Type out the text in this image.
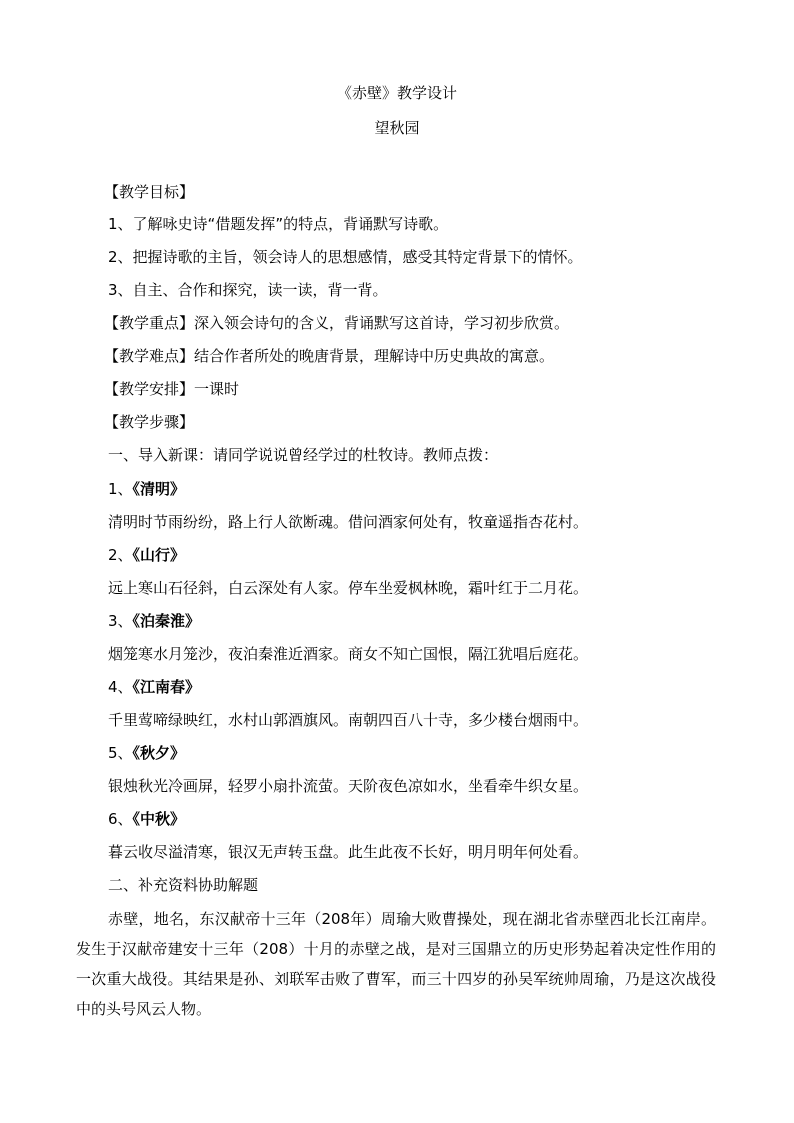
《赤壁》教学设计
望秋园
【教学目标】
1、了解咏史诗“借题发挥”的特点，背诵默写诗歌。
2、把握诗歌的主旨，领会诗人的思想感情，感受其特定背景下的情怀。
3、自主、合作和探究，读一读，背一背。
【教学重点】深入领会诗句的含义，背诵默写这首诗，学习初步欣赏。
【教学难点】结合作者所处的晚唐背景，理解诗中历史典故的寓意。
【教学安排】一课时
【教学步骤】
一、导入新课：请同学说说曾经学过的杜牧诗。教师点拨：
1、《清明》
清明时节雨纷纷，路上行人欲断魂。借问酒家何处有，牧童遥指杏花村。
2、《山行》
远上寒山石径斜，白云深处有人家。停车坐爱枫林晚，霜叶红于二月花。
3、《泊秦淮》
烟笼寒水月笼沙，夜泊秦淮近酒家。商女不知亡国恨，隔江犹唱后庭花。
4、《江南春》
千里莺啼绿映红，水村山郭酒旗风。南朝四百八十寺，多少楼台烟雨中。
5、《秋夕》
银烛秋光冷画屏，轻罗小扇扑流萤。天阶夜色凉如水，坐看牵牛织女星。
6、《中秋》
暮云收尽溢清寒，银汉无声转玉盘。此生此夜不长好，明月明年何处看。
二、补充资料协助解题

赤壁，地名，东汉献帝十三年（208年）周瑜大败曹操处，现在湖北省赤壁西北长江南岸。发生于汉献帝建安十三年（208）十月的赤壁之战，是对三国鼎立的历史形势起着决定性作用的一次重大战役。其结果是孙、刘联军击败了曹军，而三十四岁的孙吴军统帅周瑜，乃是这次战役中的头号风云人物。
